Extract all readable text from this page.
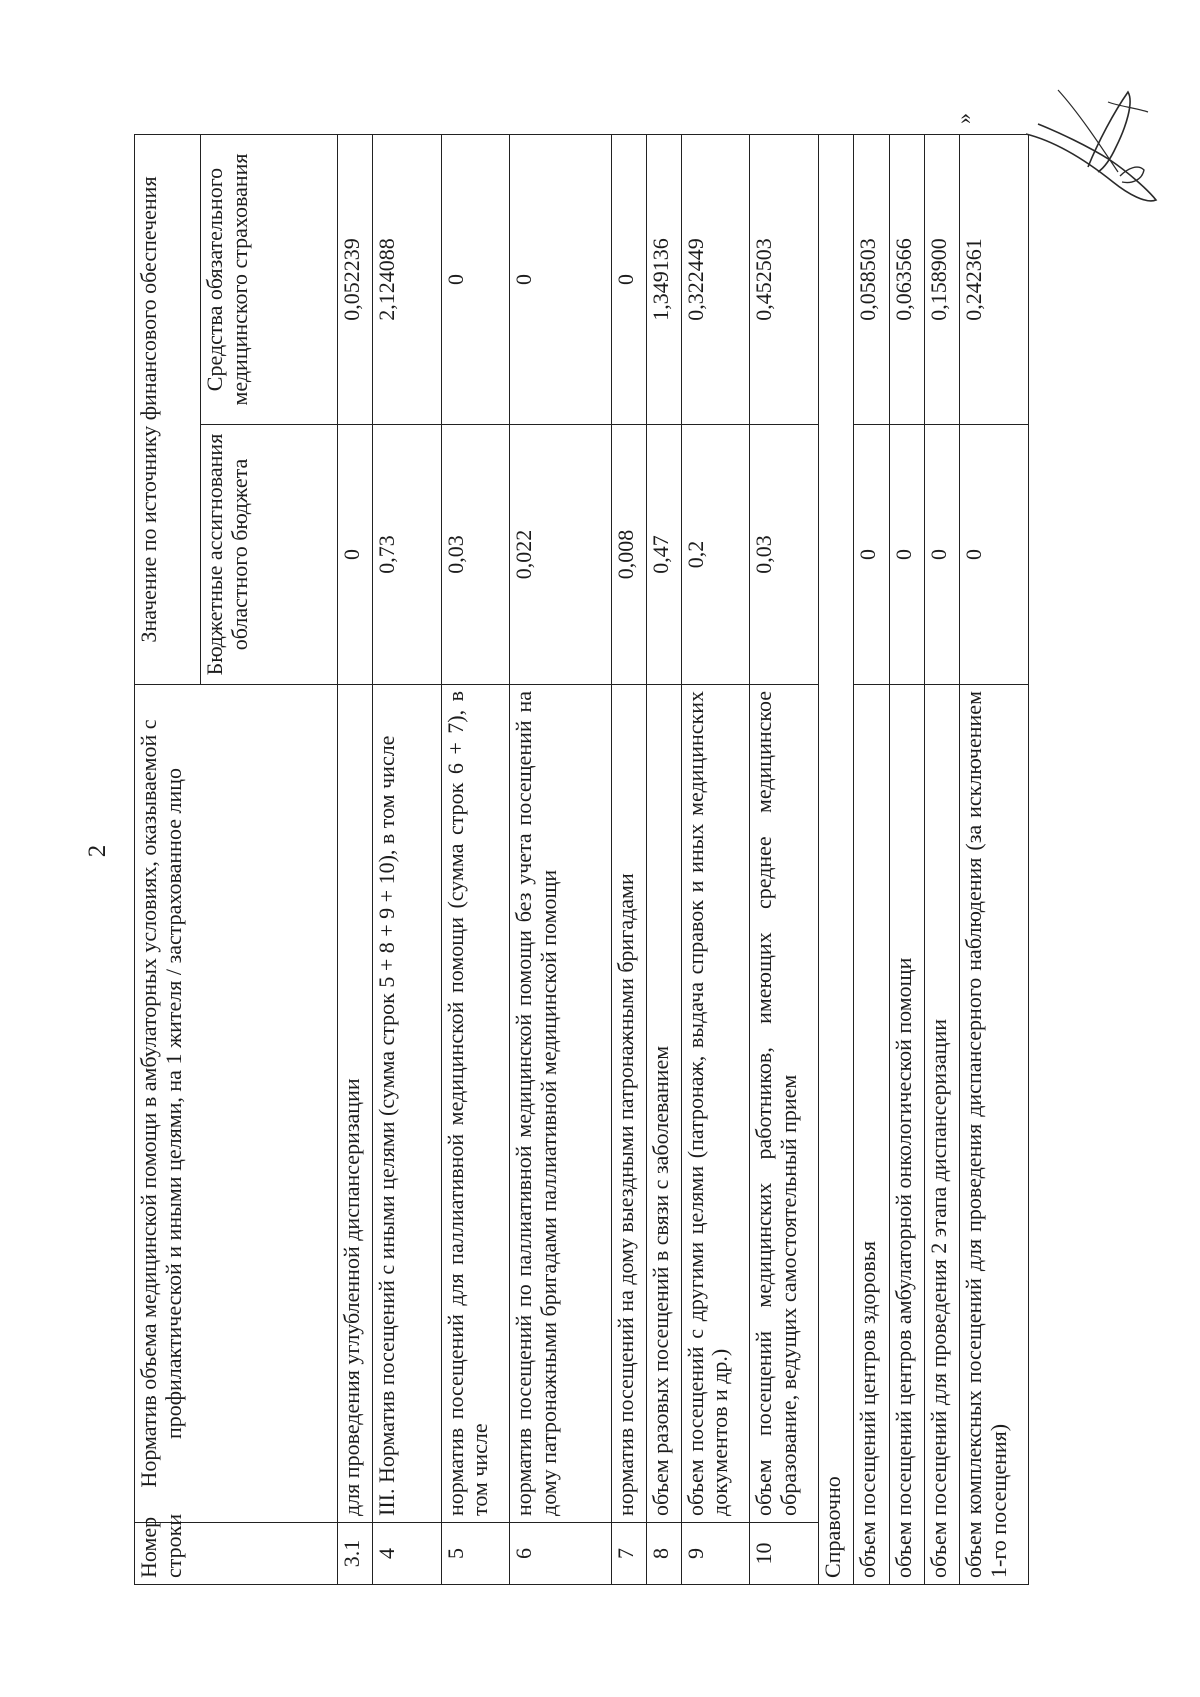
2
Номер строки	Норматив объема медицинской помощи в амбулаторных условиях, оказываемой с профилактической и иными целями, на 1 жителя / застрахованное лицо	Значение по источнику финансового обеспечения	
		Бюджетные ассигнования областного бюджета	Средства обязательного медицинского страхования
3.1	для проведения углубленной диспансеризации	0	0,052239
4	III. Норматив посещений с иными целями (сумма строк 5 + 8 + 9 + 10), в том числе	0,73	2,124088
5	норматив посещений для паллиативной медицинской помощи (сумма строк 6 + 7), в том числе	0,03	0
6	норматив посещений по паллиативной медицинской помощи без учета посещений на дому патронажными бригадами паллиативной медицинской помощи	0,022	0
7	норматив посещений на дому выездными патронажными бригадами	0,008	0
8	объем разовых посещений в связи с заболеванием	0,47	1,349136
9	объем посещений с другими целями (патронаж, выдача справок и иных медицинских документов и др.)	0,2	0,322449
10	объем посещений медицинских работников, имеющих среднее медицинское образование, ведущих самостоятельный прием	0,03	0,452503
Справочно			
объем посещений центров здоровья		0	0,058503
объем посещений центров амбулаторной онкологической помощи		0	0,063566
объем посещений для проведения 2 этапа диспансеризации		0	0,158900
объем комплексных посещений для проведения диспансерного наблюдения (за исключением 1-го посещения)		0	0,242361
»
